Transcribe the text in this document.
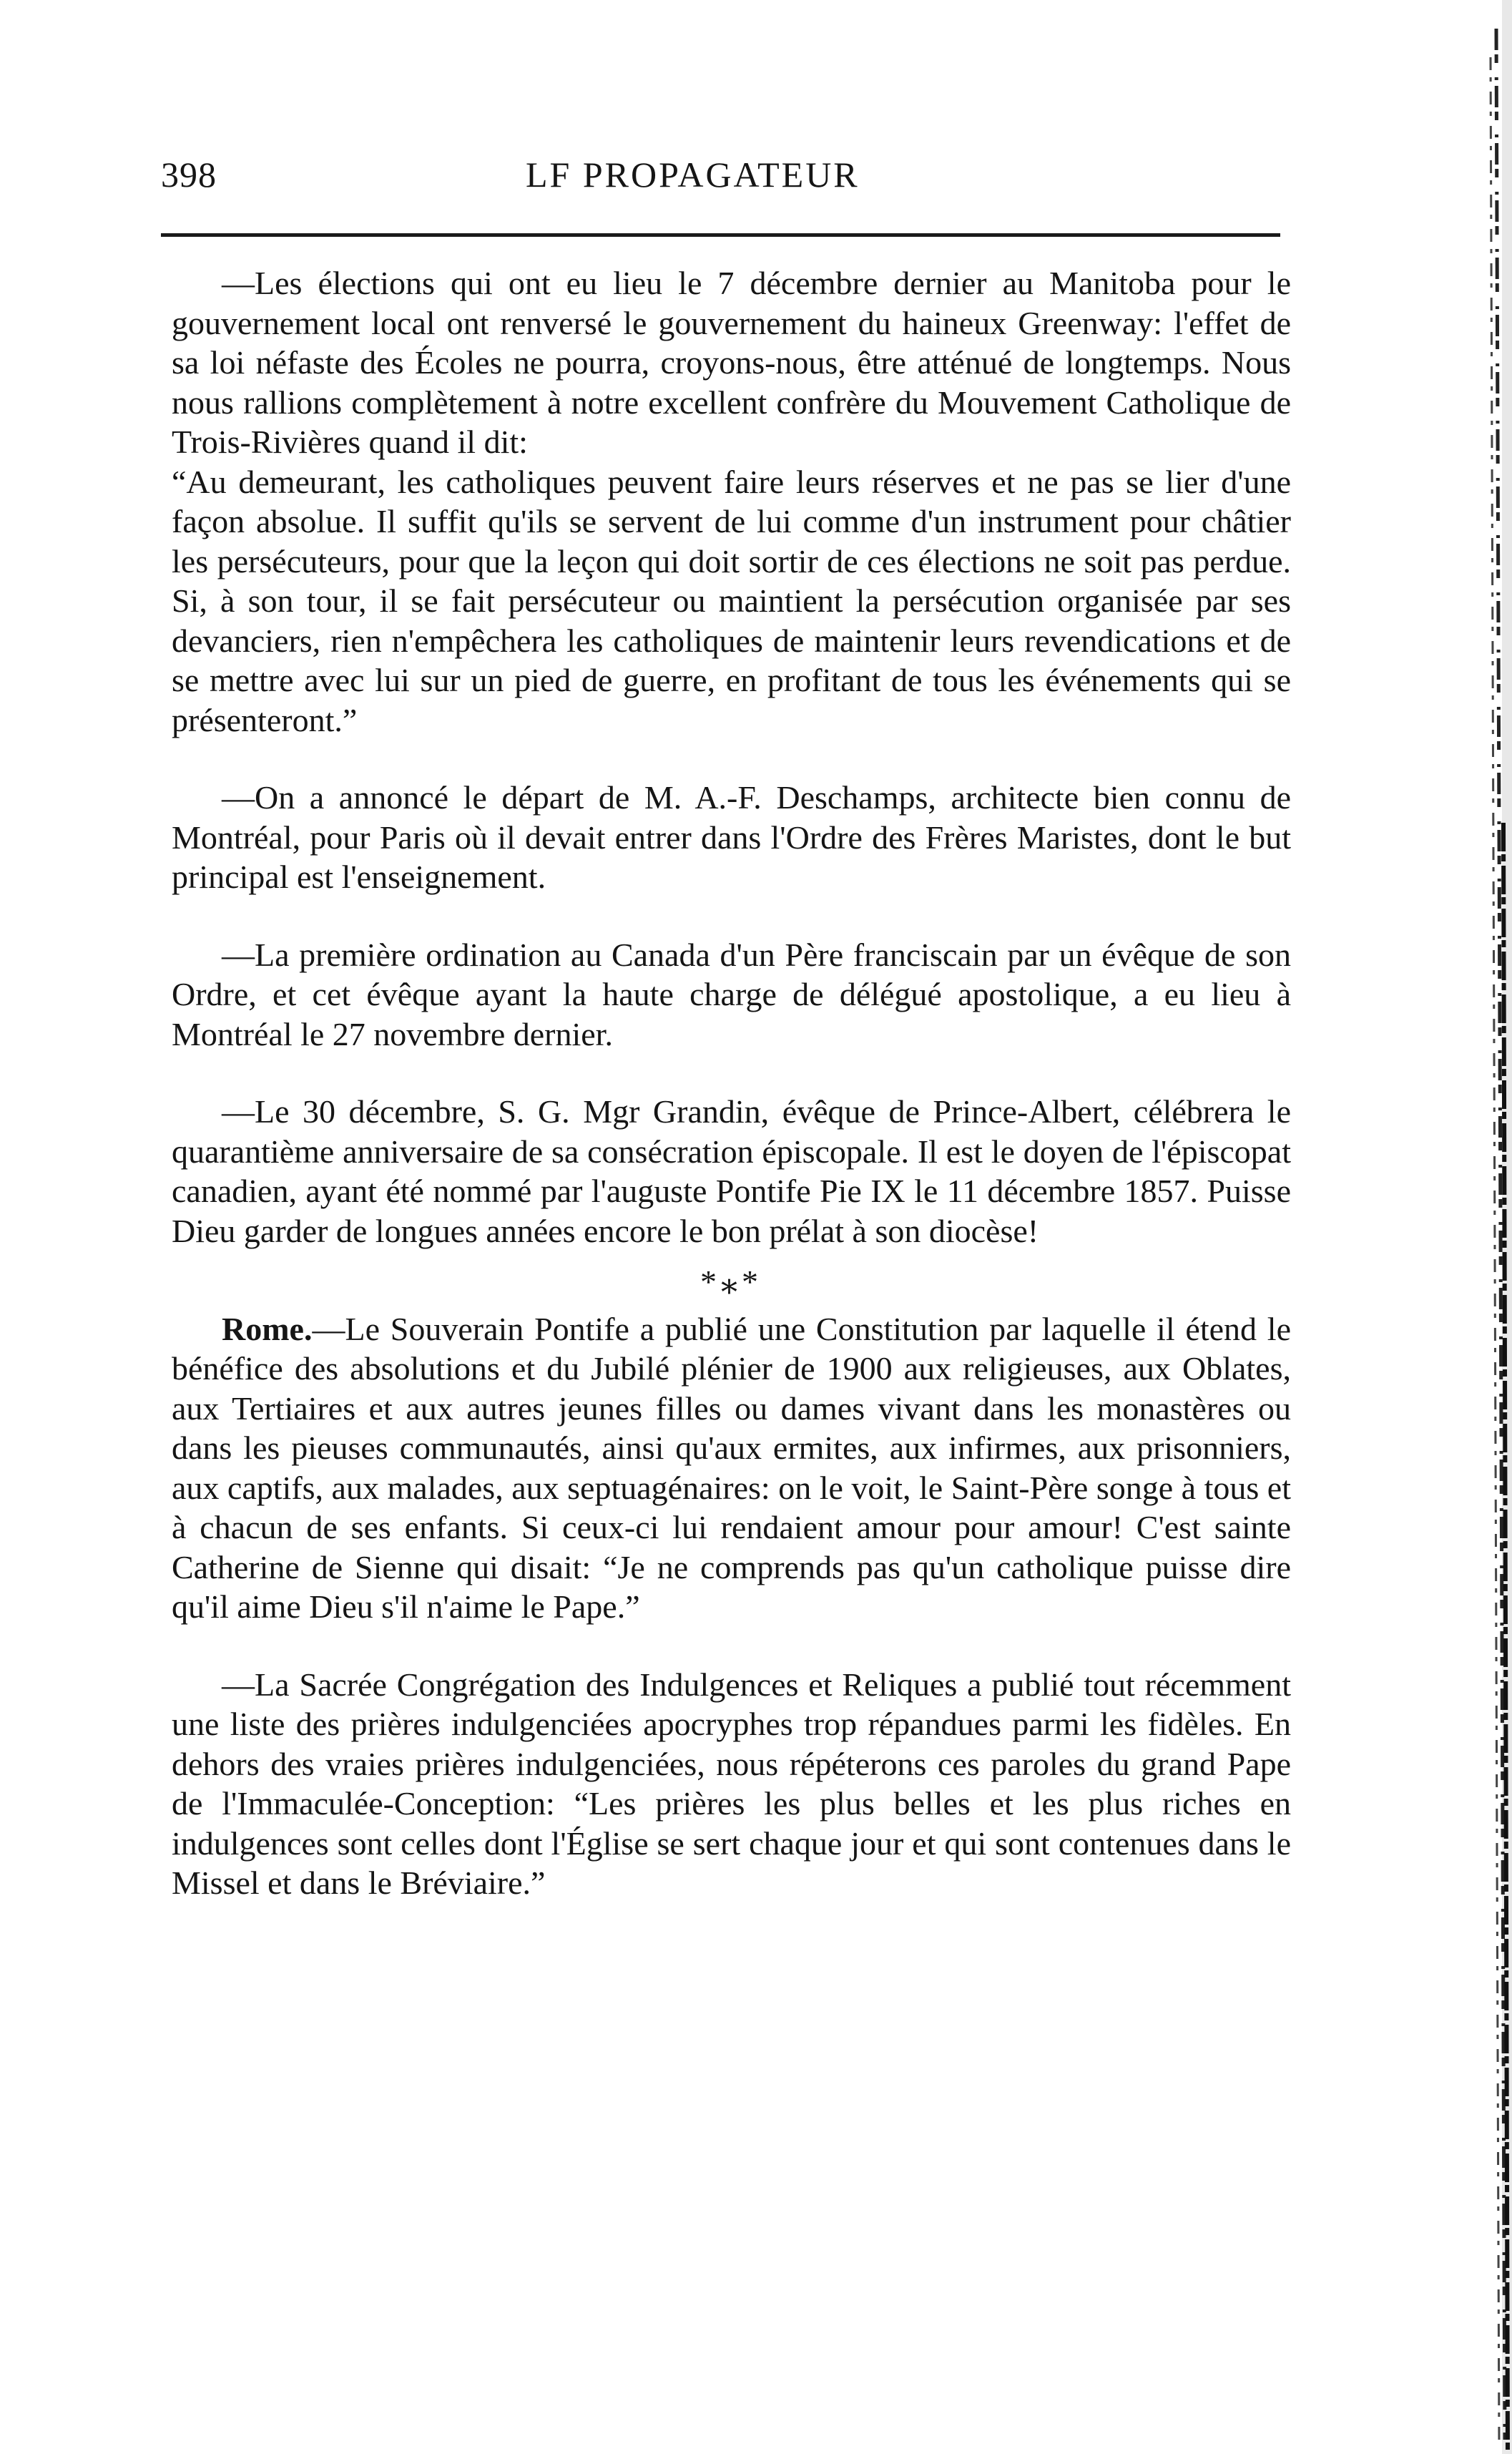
398	LF PROPAGATEUR

—Les élections qui ont eu lieu le 7 décembre dernier au Manitoba pour le gouvernement local ont renversé le gouvernement du haineux Greenway: l'effet de sa loi néfaste des Écoles ne pourra, croyons-nous, être atténué de longtemps. Nous nous rallions complètement à notre excellent confrère du Mouvement Catholique de Trois-Rivières quand il dit:

“Au demeurant, les catholiques peuvent faire leurs réserves et ne pas se lier d'une façon absolue. Il suffit qu'ils se servent de lui comme d'un instrument pour châtier les persécuteurs, pour que la leçon qui doit sortir de ces élections ne soit pas perdue. Si, à son tour, il se fait persécuteur ou maintient la persécution organisée par ses devanciers, rien n'empêchera les catholiques de maintenir leurs revendications et de se mettre avec lui sur un pied de guerre, en profitant de tous les événements qui se présenteront.”

—On a annoncé le départ de M. A.-F. Deschamps, architecte bien connu de Montréal, pour Paris où il devait entrer dans l'Ordre des Frères Maristes, dont le but principal est l'enseignement.

—La première ordination au Canada d'un Père franciscain par un évêque de son Ordre, et cet évêque ayant la haute charge de délégué apostolique, a eu lieu à Montréal le 27 novembre dernier.

—Le 30 décembre, S. G. Mgr Grandin, évêque de Prince-Albert, célébrera le quarantième anniversaire de sa consécration épiscopale. Il est le doyen de l'épiscopat canadien, ayant été nommé par l'auguste Pontife Pie IX le 11 décembre 1857. Puisse Dieu garder de longues années encore le bon prélat à son diocèse!

*⁎*

Rome.—Le Souverain Pontife a publié une Constitution par laquelle il étend le bénéfice des absolutions et du Jubilé plénier de 1900 aux religieuses, aux Oblates, aux Tertiaires et aux autres jeunes filles ou dames vivant dans les monastères ou dans les pieuses communautés, ainsi qu'aux ermites, aux infirmes, aux prisonniers, aux captifs, aux malades, aux septuagénaires: on le voit, le Saint-Père songe à tous et à chacun de ses enfants. Si ceux-ci lui rendaient amour pour amour! C'est sainte Catherine de Sienne qui disait: “Je ne comprends pas qu'un catholique puisse dire qu'il aime Dieu s'il n'aime le Pape.”

—La Sacrée Congrégation des Indulgences et Reliques a publié tout récemment une liste des prières indulgenciées apocryphes trop répandues parmi les fidèles. En dehors des vraies prières indulgenciées, nous répéterons ces paroles du grand Pape de l'Immaculée-Conception: “Les prières les plus belles et les plus riches en indulgences sont celles dont l'Église se sert chaque jour et qui sont contenues dans le Missel et dans le Bréviaire.”
